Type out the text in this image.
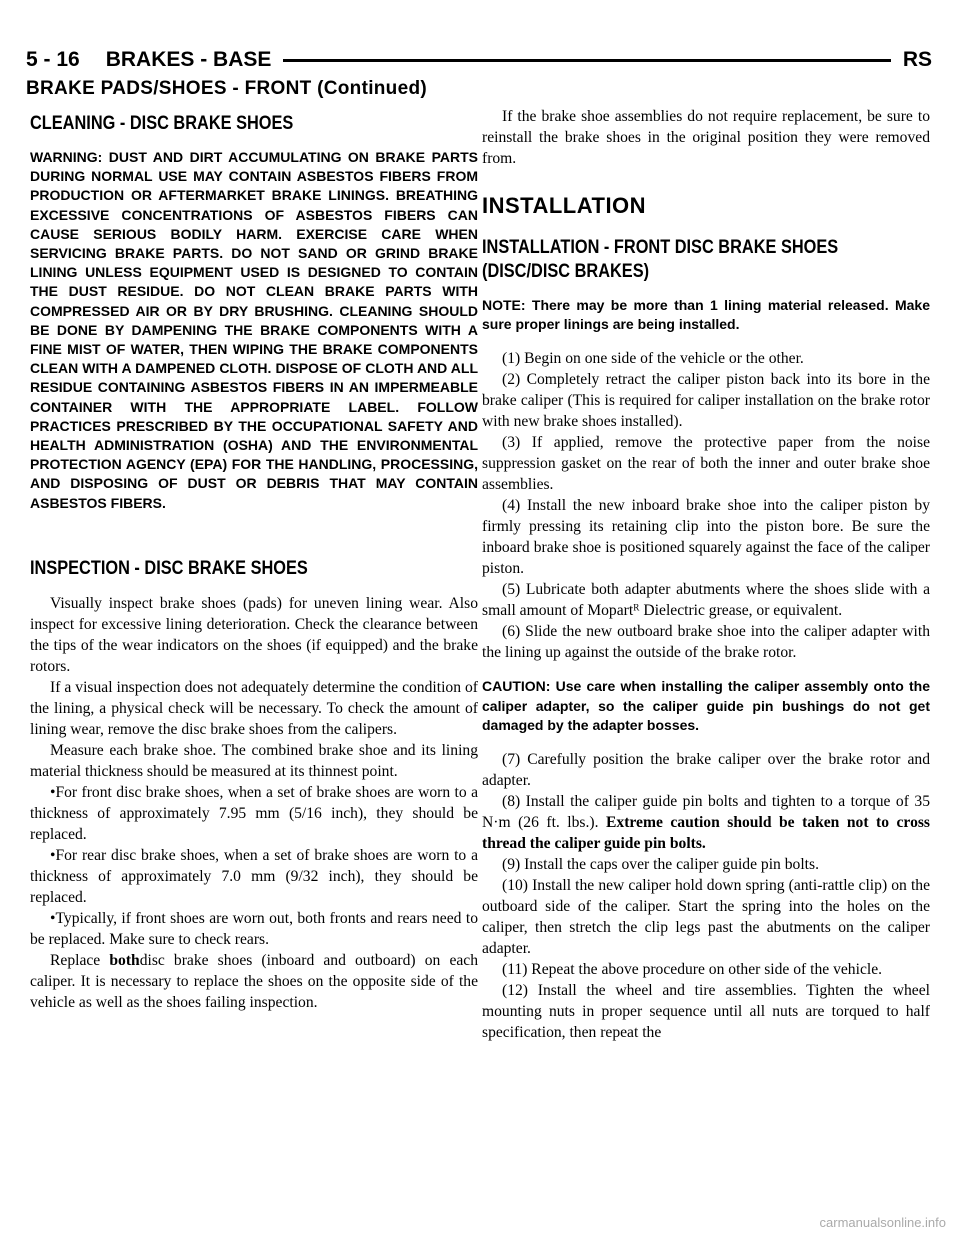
5 - 16 BRAKES - BASE	RS
BRAKE PADS/SHOES - FRONT (Continued)
CLEANING - DISC BRAKE SHOES
WARNING: DUST AND DIRT ACCUMULATING ON BRAKE PARTS DURING NORMAL USE MAY CONTAIN ASBESTOS FIBERS FROM PRODUCTION OR AFTERMARKET BRAKE LININGS. BREATHING EXCESSIVE CONCENTRATIONS OF ASBESTOS FIBERS CAN CAUSE SERIOUS BODILY HARM. EXERCISE CARE WHEN SERVICING BRAKE PARTS. DO NOT SAND OR GRIND BRAKE LINING UNLESS EQUIPMENT USED IS DESIGNED TO CONTAIN THE DUST RESIDUE. DO NOT CLEAN BRAKE PARTS WITH COMPRESSED AIR OR BY DRY BRUSHING. CLEANING SHOULD BE DONE BY DAMPENING THE BRAKE COMPONENTS WITH A FINE MIST OF WATER, THEN WIPING THE BRAKE COMPONENTS CLEAN WITH A DAMPENED CLOTH. DISPOSE OF CLOTH AND ALL RESIDUE CONTAINING ASBESTOS FIBERS IN AN IMPERMEABLE CONTAINER WITH THE APPROPRIATE LABEL. FOLLOW PRACTICES PRESCRIBED BY THE OCCUPATIONAL SAFETY AND HEALTH ADMINISTRATION (OSHA) AND THE ENVIRONMENTAL PROTECTION AGENCY (EPA) FOR THE HANDLING, PROCESSING, AND DISPOSING OF DUST OR DEBRIS THAT MAY CONTAIN ASBESTOS FIBERS.
INSPECTION - DISC BRAKE SHOES

Visually inspect brake shoes (pads) for uneven lining wear. Also inspect for excessive lining deterioration. Check the clearance between the tips of the wear indicators on the shoes (if equipped) and the brake rotors.

If a visual inspection does not adequately determine the condition of the lining, a physical check will be necessary. To check the amount of lining wear, remove the disc brake shoes from the calipers.

Measure each brake shoe. The combined brake shoe and its lining material thickness should be measured at its thinnest point.

•For front disc brake shoes, when a set of brake shoes are worn to a thickness of approximately 7.95 mm (5/16 inch), they should be replaced.

•For rear disc brake shoes, when a set of brake shoes are worn to a thickness of approximately 7.0 mm (9/32 inch), they should be replaced.

•Typically, if front shoes are worn out, both fronts and rears need to be replaced. Make sure to check rears.

Replace bothdisc brake shoes (inboard and outboard) on each caliper. It is necessary to replace the shoes on the opposite side of the vehicle as well as the shoes failing inspection.

If the brake shoe assemblies do not require replacement, be sure to reinstall the brake shoes in the original position they were removed from.

INSTALLATION
INSTALLATION - FRONT DISC BRAKE SHOES (DISC/DISC BRAKES)
NOTE: There may be more than 1 lining material released. Make sure proper linings are being installed.

(1) Begin on one side of the vehicle or the other.

(2) Completely retract the caliper piston back into its bore in the brake caliper (This is required for caliper installation on the brake rotor with new brake shoes installed).

(3) If applied, remove the protective paper from the noise suppression gasket on the rear of both the inner and outer brake shoe assemblies.

(4) Install the new inboard brake shoe into the caliper piston by firmly pressing its retaining clip into the piston bore. Be sure the inboard brake shoe is positioned squarely against the face of the caliper piston.

(5) Lubricate both adapter abutments where the shoes slide with a small amount of Mopartᴿ Dielectric grease, or equivalent.

(6) Slide the new outboard brake shoe into the caliper adapter with the lining up against the outside of the brake rotor.

CAUTION: Use care when installing the caliper assembly onto the caliper adapter, so the caliper guide pin bushings do not get damaged by the adapter bosses.

(7) Carefully position the brake caliper over the brake rotor and adapter.

(8) Install the caliper guide pin bolts and tighten to a torque of 35 N·m (26 ft. lbs.). Extreme caution should be taken not to cross thread the caliper guide pin bolts.

(9) Install the caps over the caliper guide pin bolts.

(10) Install the new caliper hold down spring (anti-rattle clip) on the outboard side of the caliper. Start the spring into the holes on the caliper, then stretch the clip legs past the abutments on the caliper adapter.

(11) Repeat the above procedure on other side of the vehicle.

(12) Install the wheel and tire assemblies. Tighten the wheel mounting nuts in proper sequence until all nuts are torqued to half specification, then repeat the

carmanualsonline.info
